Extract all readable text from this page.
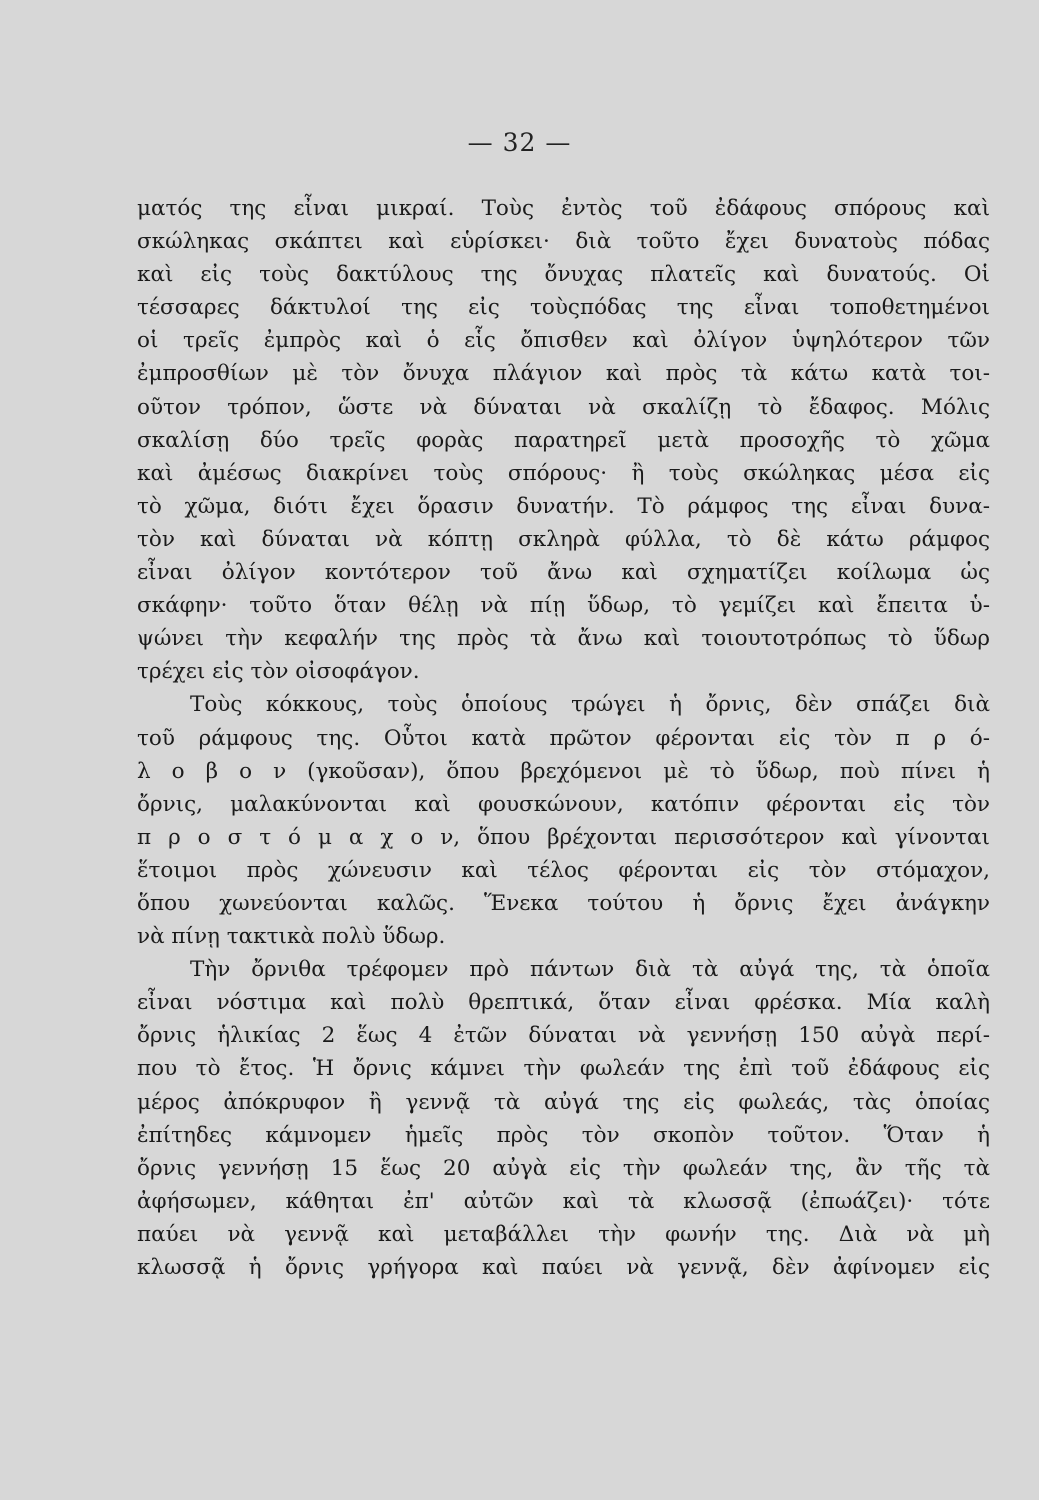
— 32 —
ματός της εἶναι μικραί. Τοὺς ἐντὸς τοῦ ἐδάφους σπόρους καὶ
σκώληκας σκάπτει καὶ εὑρίσκει· διὰ τοῦτο ἔχει δυνατοὺς πόδας
καὶ εἰς τοὺς δακτύλους της ὄνυχας πλατεῖς καὶ δυνατούς. Οἱ
τέσσαρες δάκτυλοί της εἰς τοὺςπόδας της εἶναι τοποθετημένοι
οἱ τρεῖς ἐμπρὸς καὶ ὁ εἷς ὄπισθεν καὶ ὀλίγον ὑψηλότερον τῶν
ἐμπροσθίων μὲ τὸν ὄνυχα πλάγιον καὶ πρὸς τὰ κάτω κατὰ τοι-
οῦτον τρόπον, ὥστε νὰ δύναται νὰ σκαλίζῃ τὸ ἔδαφος. Μόλις
σκαλίσῃ δύο τρεῖς φορὰς παρατηρεῖ μετὰ προσοχῆς τὸ χῶμα
καὶ ἀμέσως διακρίνει τοὺς σπόρους· ἢ τοὺς σκώληκας μέσα εἰς
τὸ χῶμα, διότι ἔχει ὅρασιν δυνατήν. Τὸ ράμφος της εἶναι δυνα-
τὸν καὶ δύναται νὰ κόπτῃ σκληρὰ φύλλα, τὸ δὲ κάτω ράμφος
εἶναι ὀλίγον κοντότερον τοῦ ἄνω καὶ σχηματίζει κοίλωμα ὡς
σκάφην· τοῦτο ὅταν θέλῃ νὰ πίῃ ὕδωρ, τὸ γεμίζει καὶ ἔπειτα ὑ-
ψώνει τὴν κεφαλήν της πρὸς τὰ ἄνω καὶ τοιουτοτρόπως τὸ ὕδωρ
τρέχει εἰς τὸν οἰσοφάγον.
Τοὺς κόκκους, τοὺς ὁποίους τρώγει ἡ ὄρνις, δὲν σπάζει διὰ
τοῦ ράμφους της. Οὗτοι κατὰ πρῶτον φέρονται εἰς τὸν π ρ ό-
λ ο β ο ν (γκοῦσαν), ὅπου βρεχόμενοι μὲ τὸ ὕδωρ, ποὺ πίνει ἡ
ὄρνις, μαλακύνονται καὶ φουσκώνουν, κατόπιν φέρονται εἰς τὸν
π ρ ο σ τ ό μ α χ ο ν, ὅπου βρέχονται περισσότερον καὶ γίνονται
ἕτοιμοι πρὸς χώνευσιν καὶ τέλος φέρονται εἰς τὸν στόμαχον,
ὅπου χωνεύονται καλῶς. Ἕνεκα τούτου ἡ ὄρνις ἔχει ἀνάγκην
νὰ πίνῃ τακτικὰ πολὺ ὕδωρ.
Τὴν ὄρνιθα τρέφομεν πρὸ πάντων διὰ τὰ αὐγά της, τὰ ὁποῖα
εἶναι νόστιμα καὶ πολὺ θρεπτικά, ὅταν εἶναι φρέσκα. Μία καλὴ
ὄρνις ἡλικίας 2 ἕως 4 ἐτῶν δύναται νὰ γεννήσῃ 150 αὐγὰ περί-
που τὸ ἔτος. Ἡ ὄρνις κάμνει τὴν φωλεάν της ἐπὶ τοῦ ἐδάφους εἰς
μέρος ἀπόκρυφον ἢ γεννᾷ τὰ αὐγά της εἰς φωλεάς, τὰς ὁποίας
ἐπίτηδες κάμνομεν ἡμεῖς πρὸς τὸν σκοπὸν τοῦτον. Ὅταν ἡ
ὄρνις γεννήσῃ 15 ἕως 20 αὐγὰ εἰς τὴν φωλεάν της, ἂν τῆς τὰ
ἀφήσωμεν, κάθηται ἐπ' αὐτῶν καὶ τὰ κλωσσᾷ (ἐπωάζει)· τότε
παύει νὰ γεννᾷ καὶ μεταβάλλει τὴν φωνήν της. Διὰ νὰ μὴ
κλωσσᾷ ἡ ὄρνις γρήγορα καὶ παύει νὰ γεννᾷ, δὲν ἀφίνομεν εἰς
